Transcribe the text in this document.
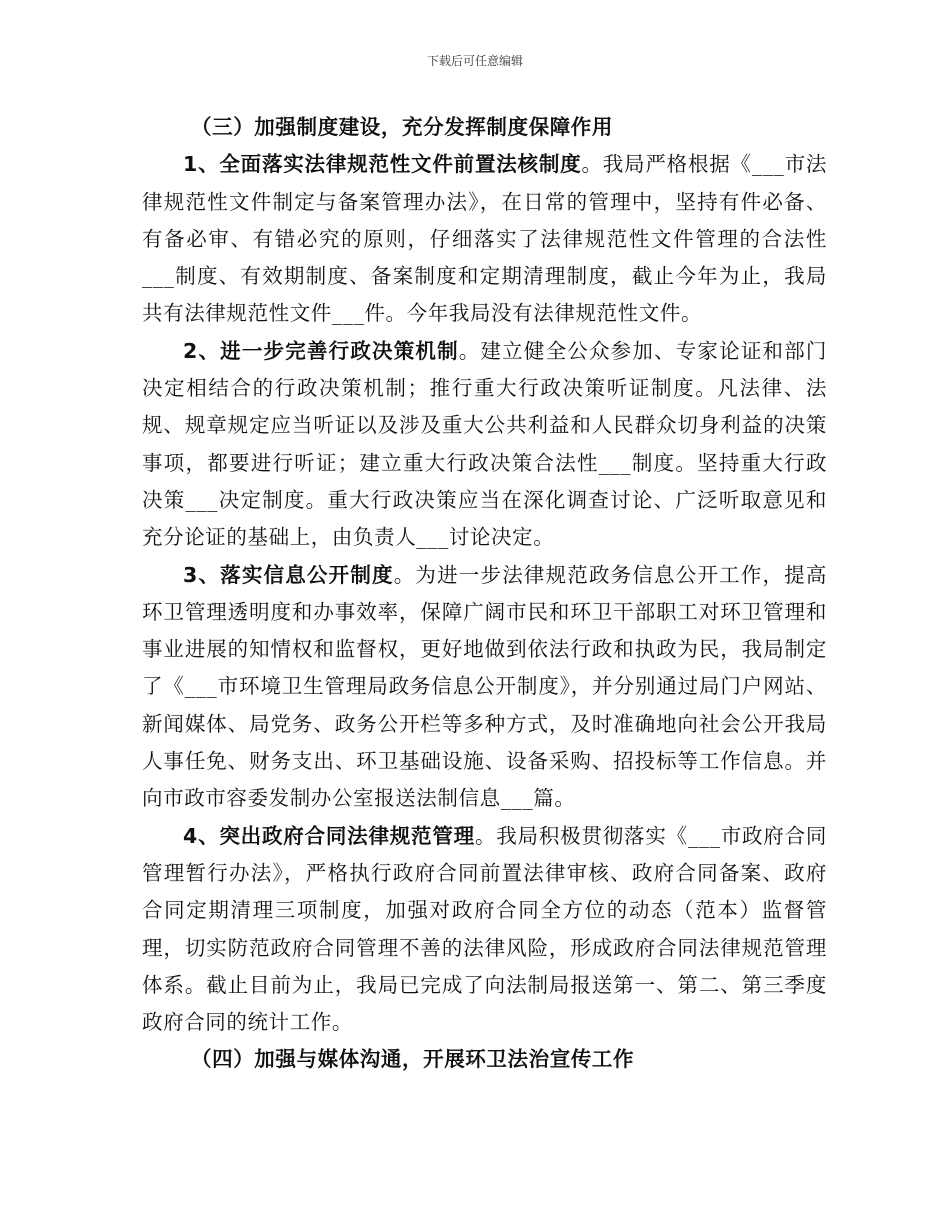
下载后可任意编辑

（三）加强制度建设，充分发挥制度保障作用

1、全面落实法律规范性文件前置法核制度。我局严格根据《___市法律规范性文件制定与备案管理办法》，在日常的管理中，坚持有件必备、有备必审、有错必究的原则，仔细落实了法律规范性文件管理的合法性___制度、有效期制度、备案制度和定期清理制度，截止今年为止，我局共有法律规范性文件___件。今年我局没有法律规范性文件。

2、进一步完善行政决策机制。建立健全公众参加、专家论证和部门决定相结合的行政决策机制；推行重大行政决策听证制度。凡法律、法规、规章规定应当听证以及涉及重大公共利益和人民群众切身利益的决策事项，都要进行听证；建立重大行政决策合法性___制度。坚持重大行政决策___决定制度。重大行政决策应当在深化调查讨论、广泛听取意见和充分论证的基础上，由负责人___讨论决定。

3、落实信息公开制度。为进一步法律规范政务信息公开工作，提高环卫管理透明度和办事效率，保障广阔市民和环卫干部职工对环卫管理和事业进展的知情权和监督权，更好地做到依法行政和执政为民，我局制定了《___市环境卫生管理局政务信息公开制度》，并分别通过局门户网站、新闻媒体、局党务、政务公开栏等多种方式，及时准确地向社会公开我局人事任免、财务支出、环卫基础设施、设备采购、招投标等工作信息。并向市政市容委发制办公室报送法制信息___篇。

4、突出政府合同法律规范管理。我局积极贯彻落实《___市政府合同管理暂行办法》，严格执行政府合同前置法律审核、政府合同备案、政府合同定期清理三项制度，加强对政府合同全方位的动态（范本）监督管理，切实防范政府合同管理不善的法律风险，形成政府合同法律规范管理体系。截止目前为止，我局已完成了向法制局报送第一、第二、第三季度政府合同的统计工作。

（四）加强与媒体沟通，开展环卫法治宣传工作
